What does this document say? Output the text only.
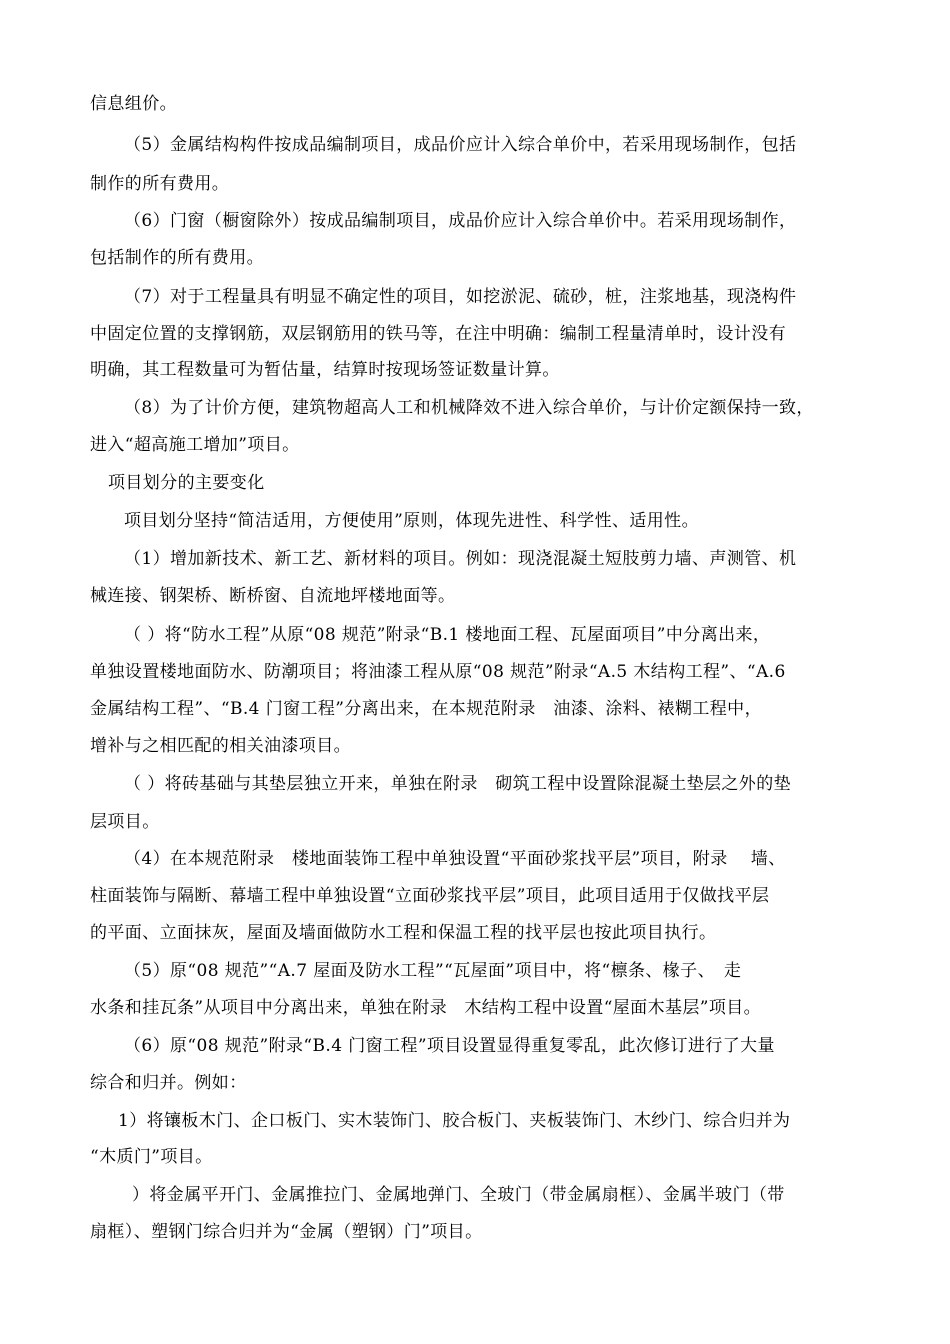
信息组价。
（5）金属结构构件按成品编制项目，成品价应计入综合单价中，若采用现场制作，包括
制作的所有费用。
（6）门窗（橱窗除外）按成品编制项目，成品价应计入综合单价中。若采用现场制作，
包括制作的所有费用。
（7）对于工程量具有明显不确定性的项目，如挖淤泥、硫砂，桩，注浆地基，现浇构件
中固定位置的支撑钢筋，双层钢筋用的铁马等，在注中明确：编制工程量清单时，设计没有
明确，其工程数量可为暂估量，结算时按现场签证数量计算。
（8）为了计价方便，建筑物超高人工和机械降效不进入综合单价，与计价定额保持一致，
进入“超高施工增加”项目。
项目划分的主要变化
项目划分坚持“简洁适用，方便使用”原则，体现先进性、科学性、适用性。
（1）增加新技术、新工艺、新材料的项目。例如：现浇混凝土短肢剪力墙、声测管、机
械连接、钢架桥、断桥窗、自流地坪楼地面等。
（ ）将“防水工程”从原“08 规范”附录“B.1 楼地面工程、瓦屋面项目”中分离出来，
单独设置楼地面防水、防潮项目；将油漆工程从原“08 规范”附录“A.5 木结构工程”、“A.6
金属结构工程”、“B.4 门窗工程”分离出来，在本规范附录　油漆、涂料、裱糊工程中，
增补与之相匹配的相关油漆项目。
（ ）将砖基础与其垫层独立开来，单独在附录　砌筑工程中设置除混凝土垫层之外的垫
层项目。
（4）在本规范附录　楼地面装饰工程中单独设置“平面砂浆找平层”项目，附录　 墙、
柱面装饰与隔断、幕墙工程中单独设置“立面砂浆找平层”项目，此项目适用于仅做找平层
的平面、立面抹灰，屋面及墙面做防水工程和保温工程的找平层也按此项目执行。
（5）原“08 规范”“A.7 屋面及防水工程”“瓦屋面”项目中，将“檩条、椽子、　走
水条和挂瓦条”从项目中分离出来，单独在附录　木结构工程中设置“屋面木基层”项目。
（6）原“08 规范”附录“B.4 门窗工程”项目设置显得重复零乱，此次修订进行了大量
综合和归并。例如：
1）将镶板木门、企口板门、实木装饰门、胶合板门、夹板装饰门、木纱门、综合归并为
“木质门”项目。
）将金属平开门、金属推拉门、金属地弹门、全玻门（带金属扇框）、金属半玻门（带
扇框）、塑钢门综合归并为“金属（塑钢）门”项目。
